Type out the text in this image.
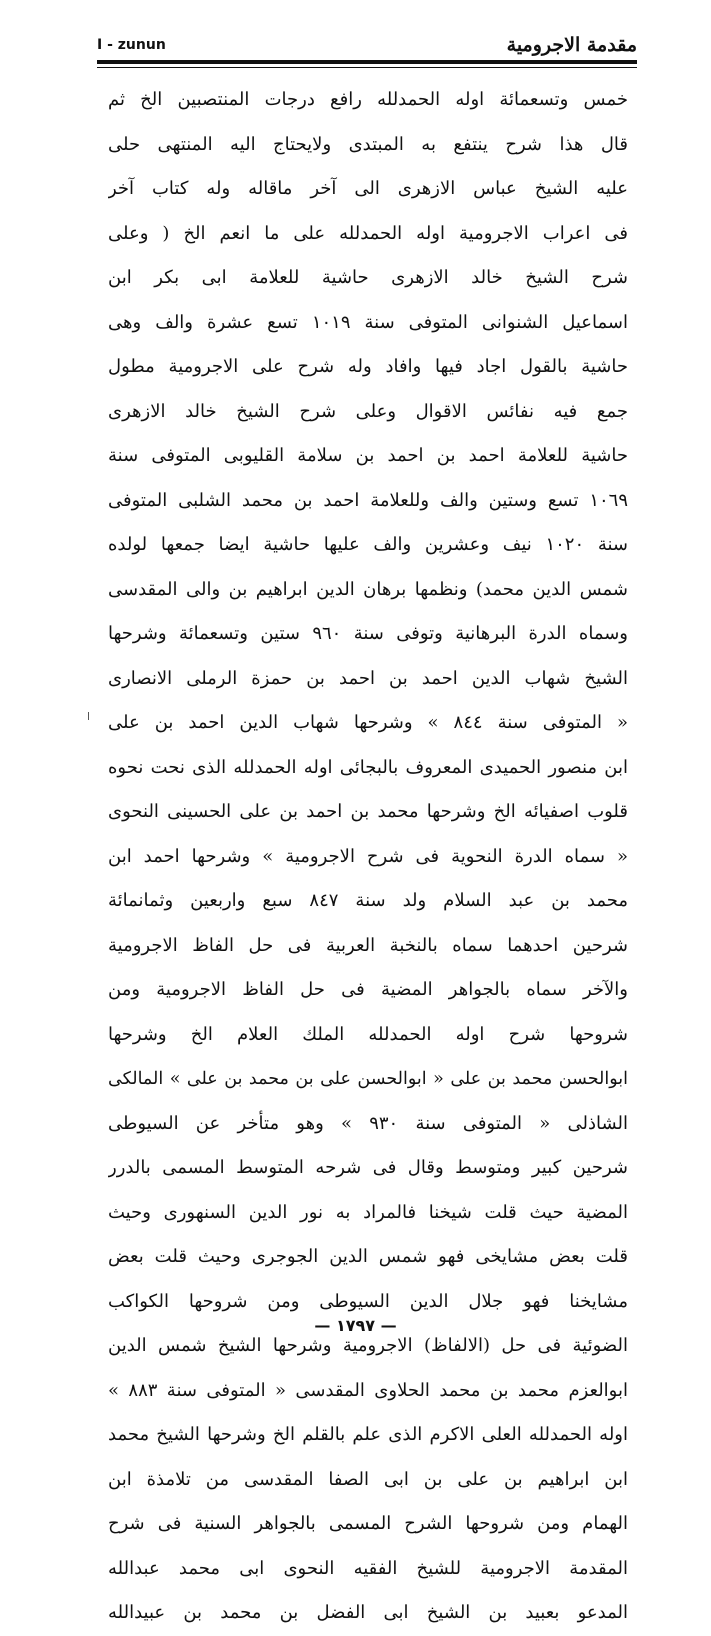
I - zunun	مقدمة الاجرومية
خمس وتسعمائة اوله الحمدلله رافع درجات المنتصبين الخ ثم
قال هذا شرح ينتفع به المبتدى ولايحتاج اليه المنتهى حلى
عليه الشيخ عباس الازهرى الى آخر ماقاله وله كتاب آخر
فى اعراب الاجرومية اوله الحمدلله على ما انعم الخ ( وعلى
شرح الشيخ خالد الازهرى حاشية للعلامة ابى بكر ابن
اسماعيل الشنوانى المتوفى سنة ١٠١٩ تسع عشرة والف وهى
حاشية بالقول اجاد فيها وافاد وله شرح على الاجرومية مطول
جمع فيه نفائس الاقوال وعلى شرح الشيخ خالد الازهرى
حاشية للعلامة احمد بن احمد بن سلامة القليوبى المتوفى سنة
١٠٦٩ تسع وستين والف وللعلامة احمد بن محمد الشلبى المتوفى
سنة ١٠٢٠ نيف وعشرين والف عليها حاشية ايضا جمعها لولده
شمس الدين محمد) ونظمها برهان الدين ابراهيم بن والى المقدسى
وسماه الدرة البرهانية وتوفى سنة ٩٦٠ ستين وتسعمائة وشرحها
الشيخ شهاب الدين احمد بن احمد بن حمزة الرملى الانصارى
« المتوفى سنة ٨٤٤ » وشرحها شهاب الدين احمد بن على
ابن منصور الحميدى المعروف بالبجائى اوله الحمدلله الذى نحت نحوه
قلوب اصفيائه الخ وشرحها محمد بن احمد بن على الحسينى النحوى
« سماه الدرة النحوية فى شرح الاجرومية » وشرحها احمد ابن
محمد بن عبد السلام ولد سنة ٨٤٧ سبع واربعين وثمانمائة
شرحين احدهما سماه بالنخبة العربية فى حل الفاظ الاجرومية
والآخر سماه بالجواهر المضية فى حل الفاظ الاجرومية ومن
شروحها شرح اوله الحمدلله الملك العلام الخ وشرحها
ابوالحسن محمد بن على « ابوالحسن على بن محمد بن على » المالكى
الشاذلى « المتوفى سنة ٩٣٠ » وهو متأخر عن السيوطى
شرحين كبير ومتوسط وقال فى شرحه المتوسط المسمى بالدرر
المضية حيث قلت شيخنا فالمراد به نور الدين السنهورى وحيث
قلت بعض مشايخى فهو شمس الدين الجوجرى وحيث قلت بعض
مشايخنا فهو جلال الدين السيوطى ومن شروحها الكواكب
الضوئية فى حل (الالفاظ) الاجرومية وشرحها الشيخ شمس الدين
ابوالعزم محمد بن محمد الحلاوى المقدسى « المتوفى سنة ٨٨٣ »
اوله الحمدلله العلى الاكرم الذى علم بالقلم الخ وشرحها الشيخ محمد
ابن ابراهيم بن على بن ابى الصفا المقدسى من تلامذة ابن
الهمام ومن شروحها الشرح المسمى بالجواهر السنية فى شرح
المقدمة الاجرومية للشيخ الفقيه النحوى ابى محمد عبدالله
المدعو بعبيد بن الشيخ ابى الفضل بن محمد بن عبيدالله
— ١٧٩٧ —
